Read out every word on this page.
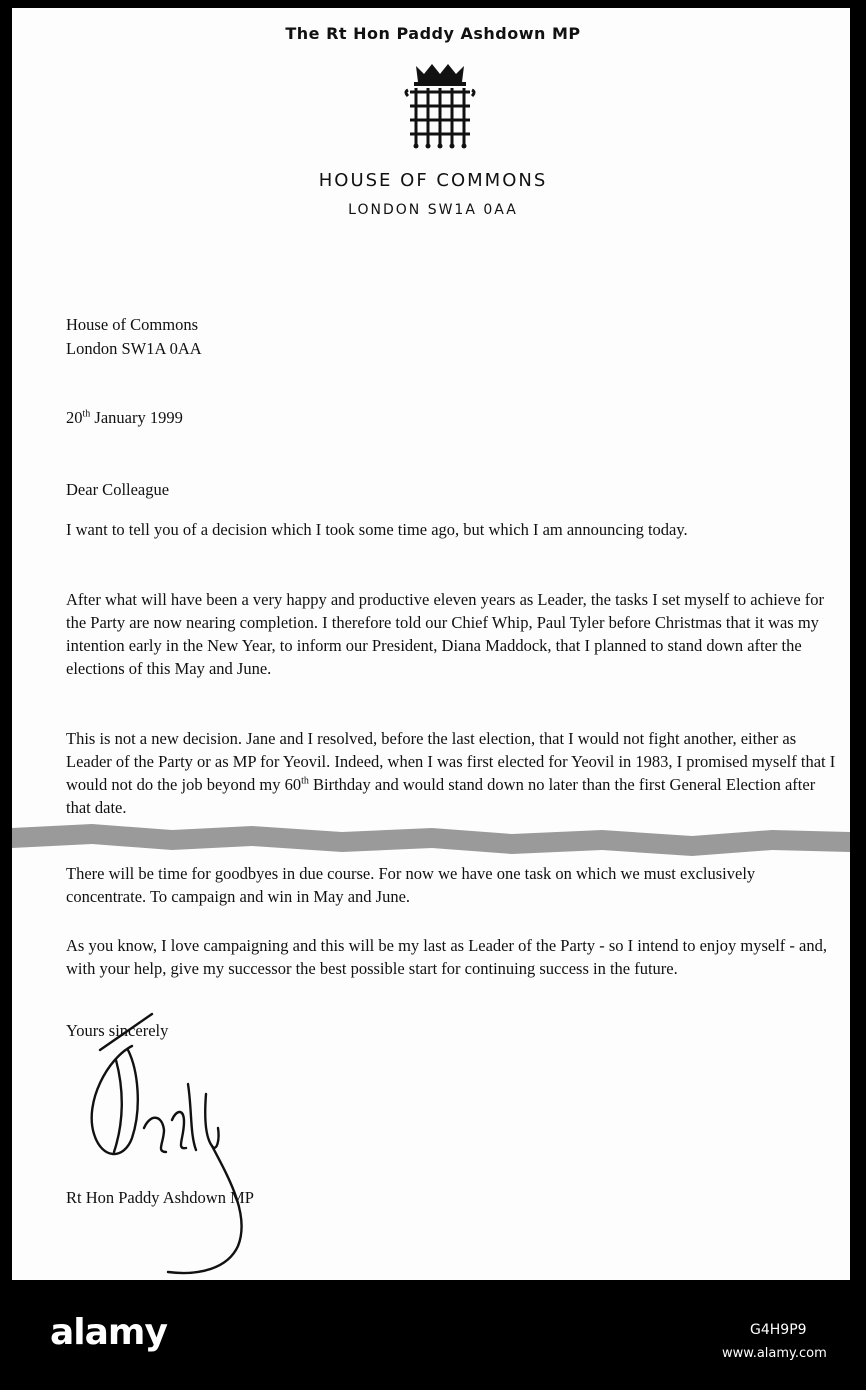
The Rt Hon Paddy Ashdown MP
HOUSE OF COMMONS
LONDON SW1A 0AA

House of Commons

London SW1A 0AA

20th January 1999

Dear Colleague

I want to tell you of a decision which I took some time ago, but which I am announcing today.

After what will have been a very happy and productive eleven years as Leader, the tasks I set myself to achieve for the Party are now nearing completion. I therefore told our Chief Whip, Paul Tyler before Christmas that it was my intention early in the New Year, to inform our President, Diana Maddock, that I planned to stand down after the elections of this May and June.

This is not a new decision. Jane and I resolved, before the last election, that I would not fight another, either as Leader of the Party or as MP for Yeovil. Indeed, when I was first elected for Yeovil in 1983, I promised myself that I would not do the job beyond my 60th Birthday and would stand down no later than the first General Election after that date.

There will be time for goodbyes in due course. For now we have one task on which we must exclusively concentrate. To campaign and win in May and June.

As you know, I love campaigning and this will be my last as Leader of the Party - so I intend to enjoy myself - and, with your help, give my successor the best possible start for continuing success in the future.

Yours sincerely

Rt Hon Paddy Ashdown MP

alamy	G4H9P9
www.alamy.com
